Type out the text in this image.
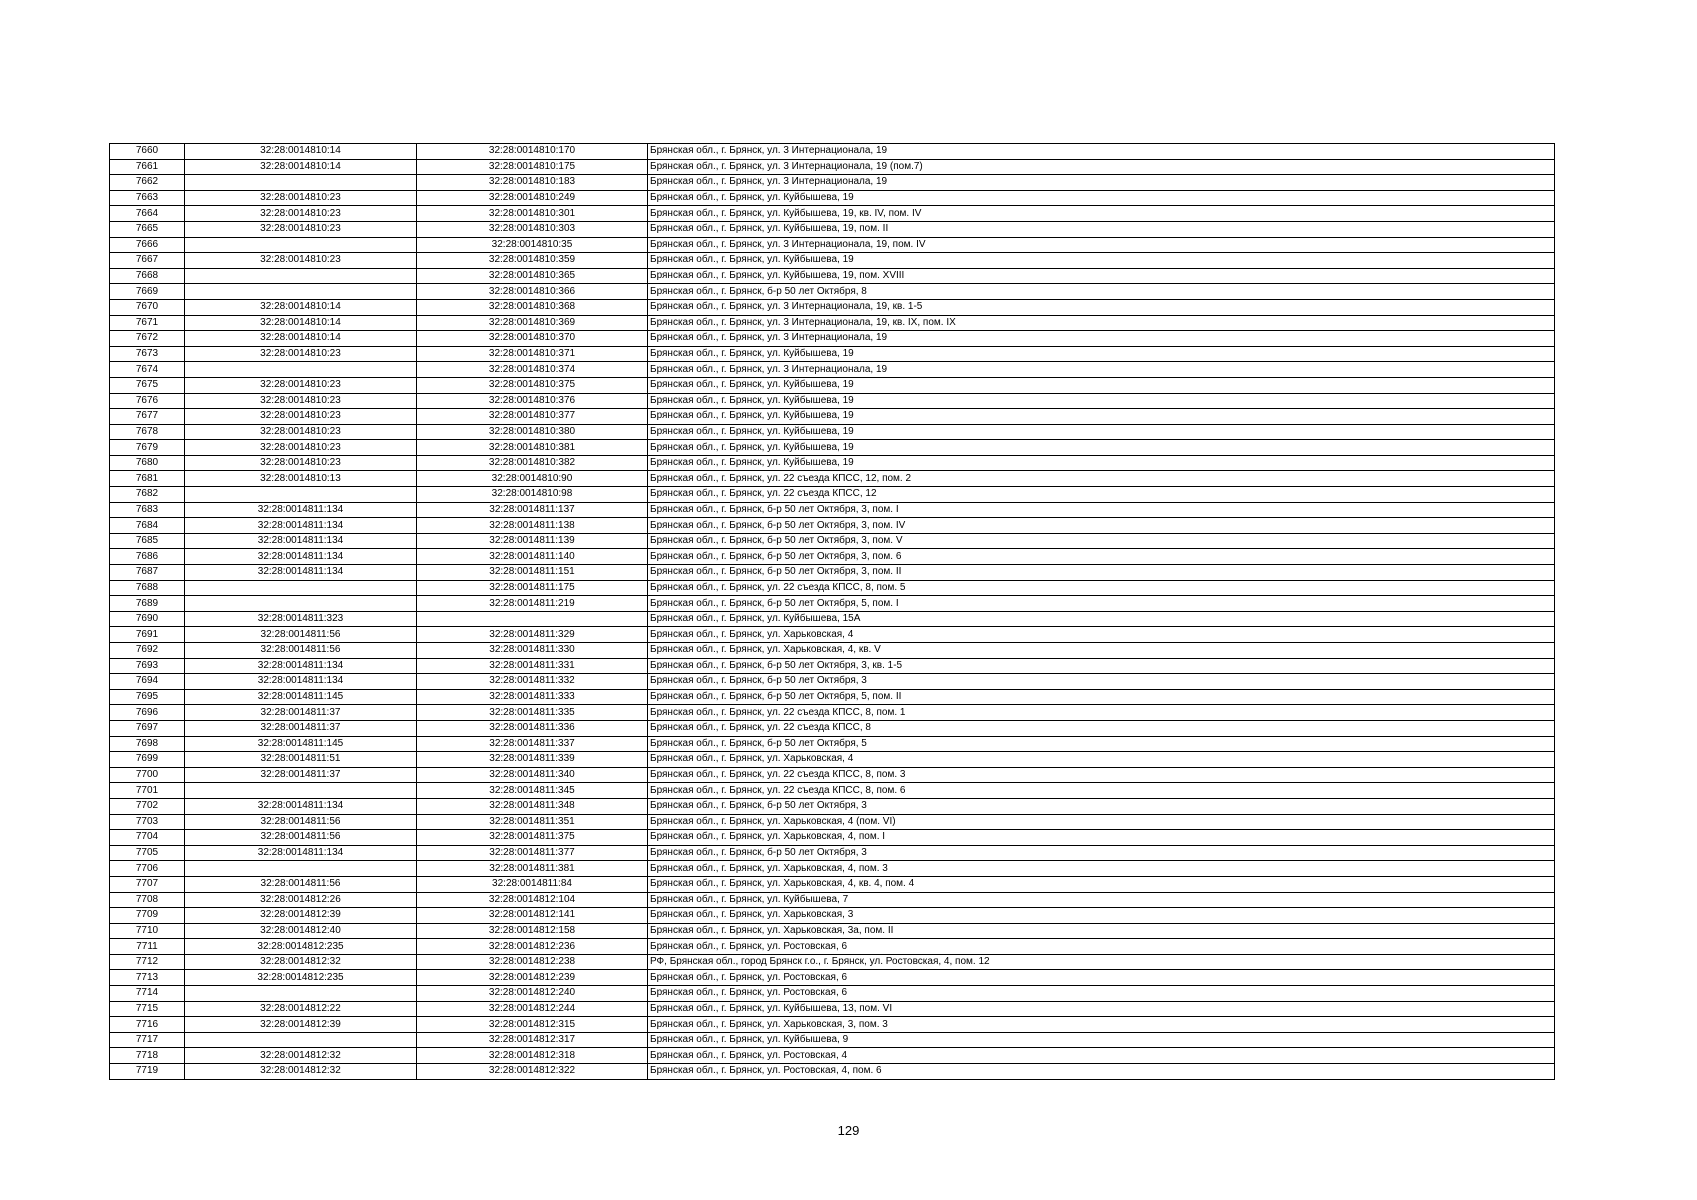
7660	32:28:0014810:14	32:28:0014810:170	Брянская обл., г. Брянск, ул. 3 Интернационала, 19
7661	32:28:0014810:14	32:28:0014810:175	Брянская обл., г. Брянск, ул. 3 Интернационала, 19 (пом.7)
7662		32:28:0014810:183	Брянская обл., г. Брянск, ул. 3 Интернационала, 19
7663	32:28:0014810:23	32:28:0014810:249	Брянская обл., г. Брянск, ул. Куйбышева, 19
7664	32:28:0014810:23	32:28:0014810:301	Брянская обл., г. Брянск, ул. Куйбышева, 19, кв. IV, пом. IV
7665	32:28:0014810:23	32:28:0014810:303	Брянская обл., г. Брянск, ул. Куйбышева, 19, пом. II
7666		32:28:0014810:35	Брянская обл., г. Брянск, ул. 3 Интернационала, 19, пом. IV
7667	32:28:0014810:23	32:28:0014810:359	Брянская обл., г. Брянск, ул. Куйбышева, 19
7668		32:28:0014810:365	Брянская обл., г. Брянск, ул. Куйбышева, 19, пом. XVIII
7669		32:28:0014810:366	Брянская обл., г. Брянск, б-р 50 лет Октября, 8
7670	32:28:0014810:14	32:28:0014810:368	Брянская обл., г. Брянск, ул. 3 Интернационала, 19, кв. 1-5
7671	32:28:0014810:14	32:28:0014810:369	Брянская обл., г. Брянск, ул. 3 Интернационала, 19, кв. IX, пом. IX
7672	32:28:0014810:14	32:28:0014810:370	Брянская обл., г. Брянск, ул. 3 Интернационала, 19
7673	32:28:0014810:23	32:28:0014810:371	Брянская обл., г. Брянск, ул. Куйбышева, 19
7674		32:28:0014810:374	Брянская обл., г. Брянск, ул. 3 Интернационала, 19
7675	32:28:0014810:23	32:28:0014810:375	Брянская обл., г. Брянск, ул. Куйбышева, 19
7676	32:28:0014810:23	32:28:0014810:376	Брянская обл., г. Брянск, ул. Куйбышева, 19
7677	32:28:0014810:23	32:28:0014810:377	Брянская обл., г. Брянск, ул. Куйбышева, 19
7678	32:28:0014810:23	32:28:0014810:380	Брянская обл., г. Брянск, ул. Куйбышева, 19
7679	32:28:0014810:23	32:28:0014810:381	Брянская обл., г. Брянск, ул. Куйбышева, 19
7680	32:28:0014810:23	32:28:0014810:382	Брянская обл., г. Брянск, ул. Куйбышева, 19
7681	32:28:0014810:13	32:28:0014810:90	Брянская обл., г. Брянск, ул. 22 съезда КПСС, 12, пом. 2
7682		32:28:0014810:98	Брянская обл., г. Брянск, ул. 22 съезда КПСС, 12
7683	32:28:0014811:134	32:28:0014811:137	Брянская обл., г. Брянск, б-р 50 лет Октября, 3, пом. I
7684	32:28:0014811:134	32:28:0014811:138	Брянская обл., г. Брянск, б-р 50 лет Октября, 3, пом. IV
7685	32:28:0014811:134	32:28:0014811:139	Брянская обл., г. Брянск, б-р 50 лет Октября, 3, пом. V
7686	32:28:0014811:134	32:28:0014811:140	Брянская обл., г. Брянск, б-р 50 лет Октября, 3, пом. 6
7687	32:28:0014811:134	32:28:0014811:151	Брянская обл., г. Брянск, б-р 50 лет Октября, 3, пом. II
7688		32:28:0014811:175	Брянская обл., г. Брянск, ул. 22 съезда КПСС, 8, пом. 5
7689		32:28:0014811:219	Брянская обл., г. Брянск, б-р 50 лет Октября, 5, пом. I
7690	32:28:0014811:323		Брянская обл., г. Брянск, ул. Куйбышева, 15А
7691	32:28:0014811:56	32:28:0014811:329	Брянская обл., г. Брянск, ул. Харьковская, 4
7692	32:28:0014811:56	32:28:0014811:330	Брянская обл., г. Брянск, ул. Харьковская, 4, кв. V
7693	32:28:0014811:134	32:28:0014811:331	Брянская обл., г. Брянск, б-р 50 лет Октября, 3, кв. 1-5
7694	32:28:0014811:134	32:28:0014811:332	Брянская обл., г. Брянск, б-р 50 лет Октября, 3
7695	32:28:0014811:145	32:28:0014811:333	Брянская обл., г. Брянск, б-р 50 лет Октября, 5, пом. II
7696	32:28:0014811:37	32:28:0014811:335	Брянская обл., г. Брянск, ул. 22 съезда КПСС, 8, пом. 1
7697	32:28:0014811:37	32:28:0014811:336	Брянская обл., г. Брянск, ул. 22 съезда КПСС, 8
7698	32:28:0014811:145	32:28:0014811:337	Брянская обл., г. Брянск, б-р 50 лет Октября, 5
7699	32:28:0014811:51	32:28:0014811:339	Брянская обл., г. Брянск, ул. Харьковская, 4
7700	32:28:0014811:37	32:28:0014811:340	Брянская обл., г. Брянск, ул. 22 съезда КПСС, 8, пом. 3
7701		32:28:0014811:345	Брянская обл., г. Брянск, ул. 22 съезда КПСС, 8, пом. 6
7702	32:28:0014811:134	32:28:0014811:348	Брянская обл., г. Брянск, б-р 50 лет Октября, 3
7703	32:28:0014811:56	32:28:0014811:351	Брянская обл., г. Брянск, ул. Харьковская, 4 (пом. VI)
7704	32:28:0014811:56	32:28:0014811:375	Брянская обл., г. Брянск, ул. Харьковская, 4, пом. I
7705	32:28:0014811:134	32:28:0014811:377	Брянская обл., г. Брянск, б-р 50 лет Октября, 3
7706		32:28:0014811:381	Брянская обл., г. Брянск, ул. Харьковская, 4, пом. 3
7707	32:28:0014811:56	32:28:0014811:84	Брянская обл., г. Брянск, ул. Харьковская, 4, кв. 4, пом. 4
7708	32:28:0014812:26	32:28:0014812:104	Брянская обл., г. Брянск, ул. Куйбышева, 7
7709	32:28:0014812:39	32:28:0014812:141	Брянская обл., г. Брянск, ул. Харьковская, 3
7710	32:28:0014812:40	32:28:0014812:158	Брянская обл., г. Брянск, ул. Харьковская, 3а, пом. II
7711	32:28:0014812:235	32:28:0014812:236	Брянская обл., г. Брянск, ул. Ростовская, 6
7712	32:28:0014812:32	32:28:0014812:238	РФ, Брянская обл., город Брянск г.о., г. Брянск, ул. Ростовская, 4, пом. 12
7713	32:28:0014812:235	32:28:0014812:239	Брянская обл., г. Брянск, ул. Ростовская, 6
7714		32:28:0014812:240	Брянская обл., г. Брянск, ул. Ростовская, 6
7715	32:28:0014812:22	32:28:0014812:244	Брянская обл., г. Брянск, ул. Куйбышева, 13, пом. VI
7716	32:28:0014812:39	32:28:0014812:315	Брянская обл., г. Брянск, ул. Харьковская, 3, пом. 3
7717		32:28:0014812:317	Брянская обл., г. Брянск, ул. Куйбышева, 9
7718	32:28:0014812:32	32:28:0014812:318	Брянская обл., г. Брянск, ул. Ростовская, 4
7719	32:28:0014812:32	32:28:0014812:322	Брянская обл., г. Брянск, ул. Ростовская, 4, пом. 6
129
